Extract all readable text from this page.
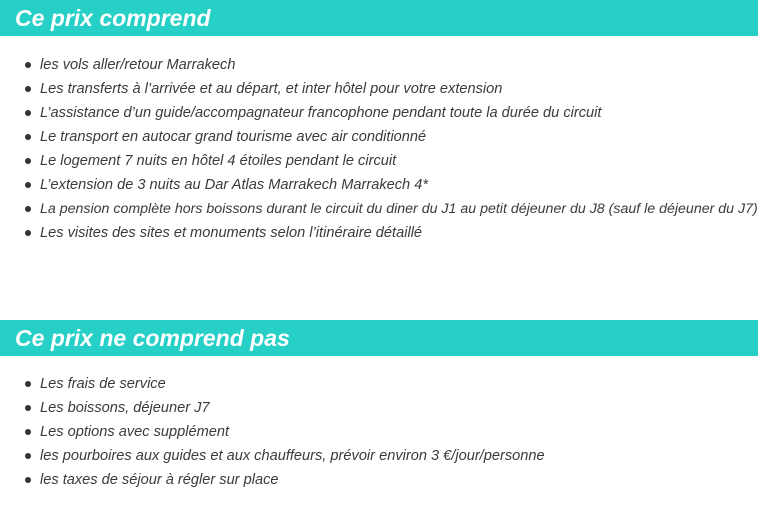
Ce prix comprend
les vols aller/retour Marrakech
Les transferts à l’arrivée et au départ, et inter hôtel pour votre extension
L’assistance d’un guide/accompagnateur francophone pendant toute la durée du circuit
Le transport en autocar grand tourisme avec air conditionné
Le logement 7 nuits en hôtel 4 étoiles pendant le circuit
L’extension de 3 nuits au Dar Atlas Marrakech Marrakech 4*
La pension complète hors boissons durant le circuit du diner du J1 au petit déjeuner du J8 (sauf le déjeuner du J7)
Les visites des sites et monuments selon l’itinéraire détaillé
Ce prix ne comprend pas
Les frais de service
Les boissons, déjeuner J7
Les options avec supplément
les pourboires aux guides et aux chauffeurs, prévoir environ 3 €/jour/personne
les taxes de séjour à régler sur place
